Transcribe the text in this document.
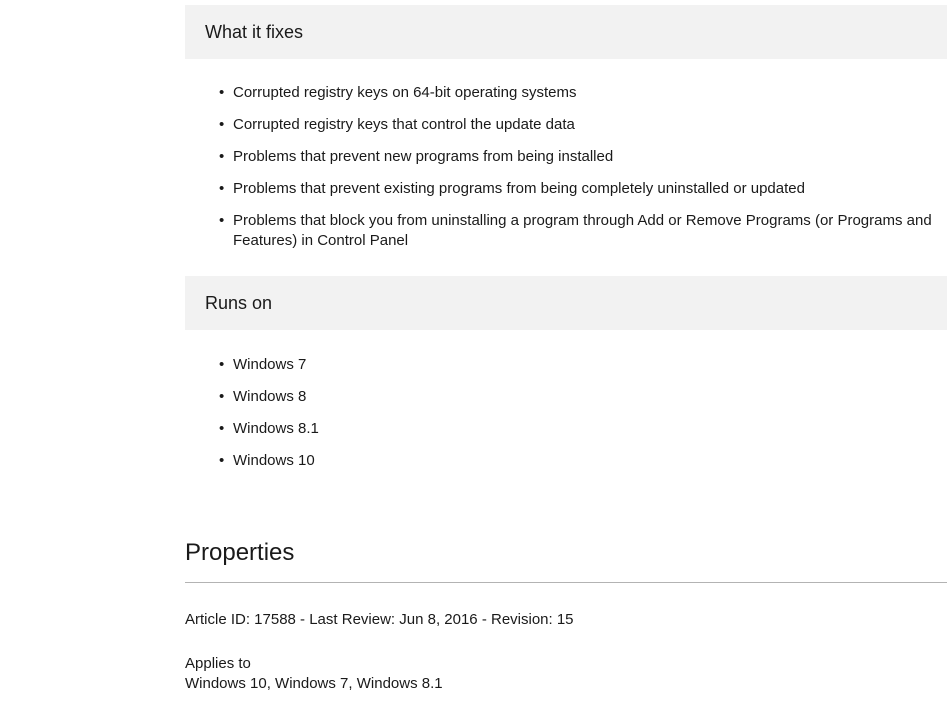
What it fixes
• Corrupted registry keys on 64-bit operating systems
• Corrupted registry keys that control the update data
• Problems that prevent new programs from being installed
• Problems that prevent existing programs from being completely uninstalled or updated
• Problems that block you from uninstalling a program through Add or Remove Programs (or Programs and Features) in Control Panel
Runs on
• Windows 7
• Windows 8
• Windows 8.1
• Windows 10
Properties
Article ID: 17588 - Last Review: Jun 8, 2016 - Revision: 15
Applies to
Windows 10, Windows 7, Windows 8.1
